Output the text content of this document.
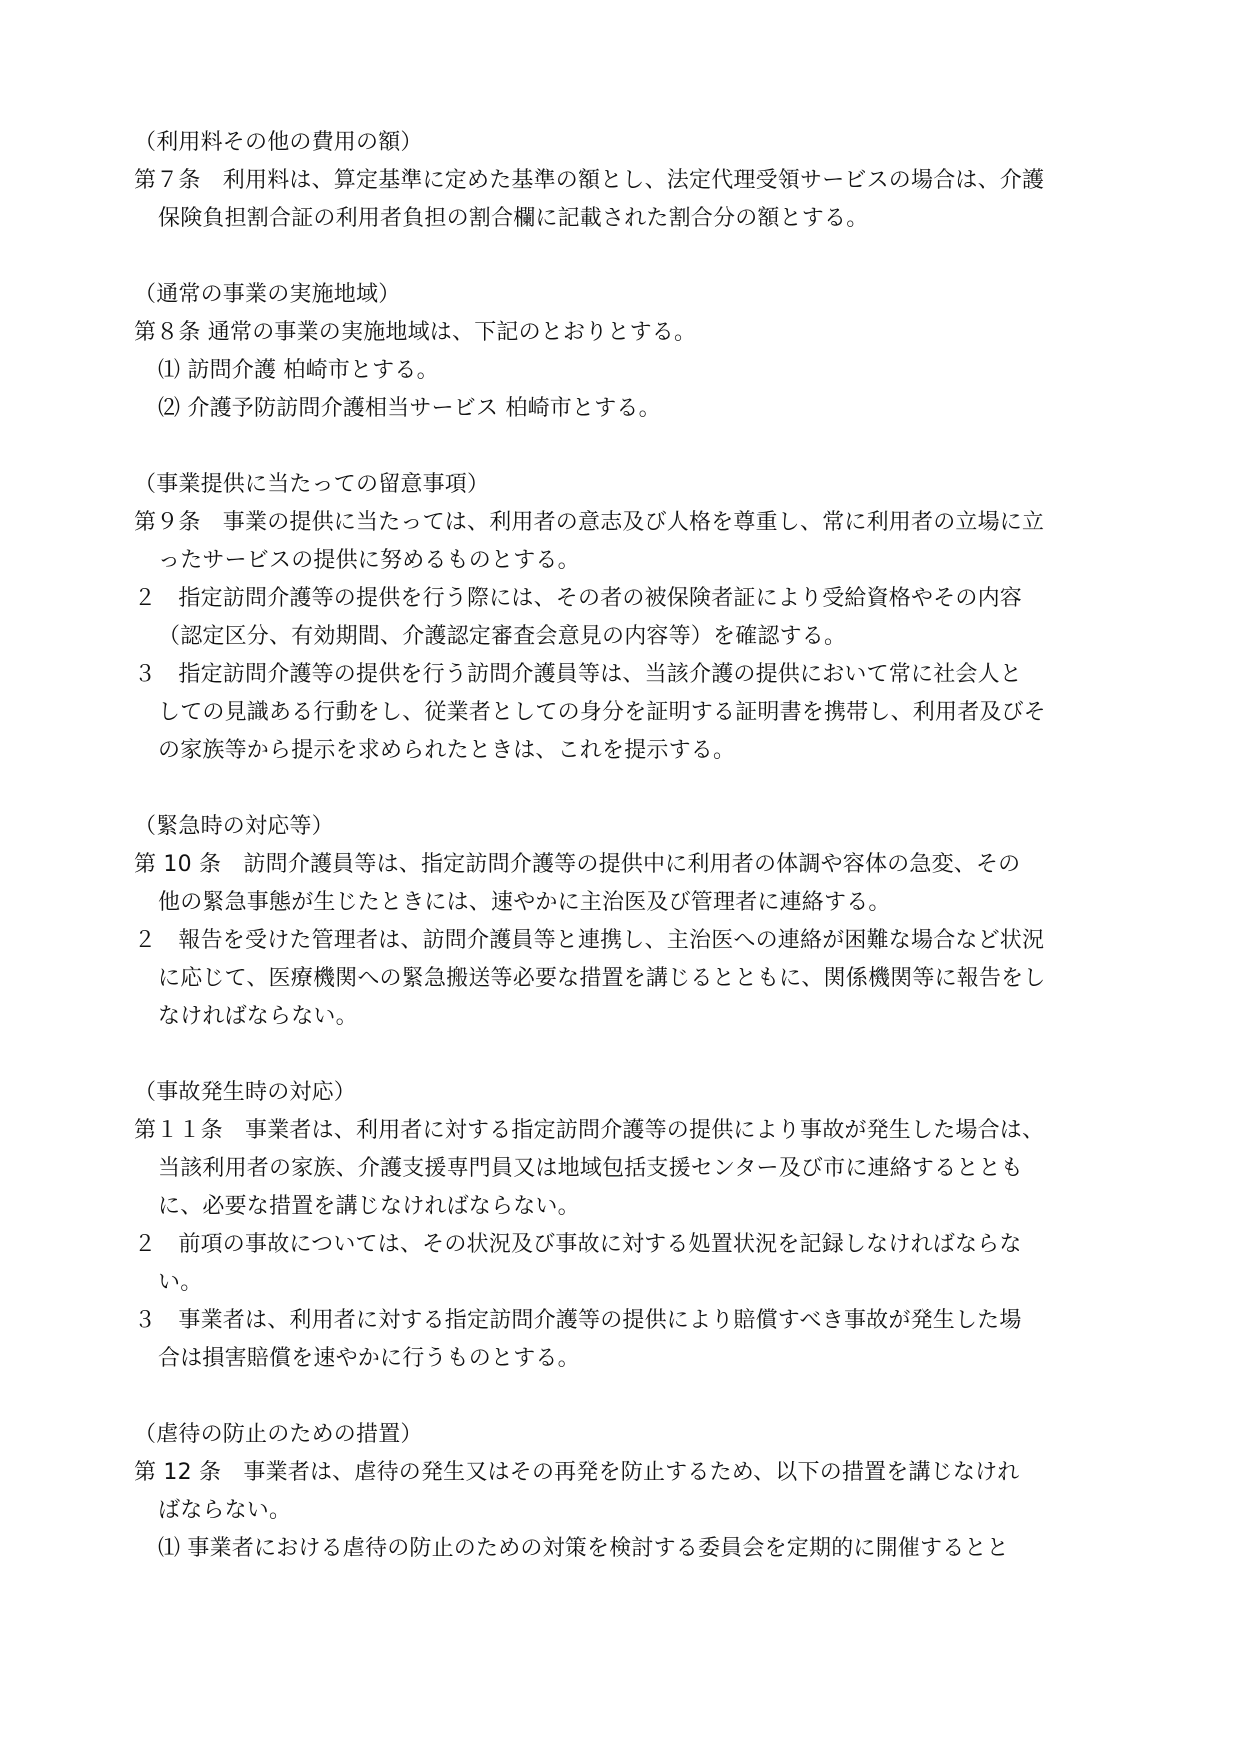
（利用料その他の費用の額）
第７条　利用料は、算定基準に定めた基準の額とし、法定代理受領サービスの場合は、介護
保険負担割合証の利用者負担の割合欄に記載された割合分の額とする。
（通常の事業の実施地域）
第８条 通常の事業の実施地域は、下記のとおりとする。
⑴ 訪問介護 柏崎市とする。
⑵ 介護予防訪問介護相当サービス 柏崎市とする。
（事業提供に当たっての留意事項）
第９条　事業の提供に当たっては、利用者の意志及び人格を尊重し、常に利用者の立場に立
ったサービスの提供に努めるものとする。
２　指定訪問介護等の提供を行う際には、その者の被保険者証により受給資格やその内容
（認定区分、有効期間、介護認定審査会意見の内容等）を確認する。
３　指定訪問介護等の提供を行う訪問介護員等は、当該介護の提供において常に社会人と
しての見識ある行動をし、従業者としての身分を証明する証明書を携帯し、利用者及びそ
の家族等から提示を求められたときは、これを提示する。
（緊急時の対応等）
第 10 条　訪問介護員等は、指定訪問介護等の提供中に利用者の体調や容体の急変、その
他の緊急事態が生じたときには、速やかに主治医及び管理者に連絡する。
２　報告を受けた管理者は、訪問介護員等と連携し、主治医への連絡が困難な場合など状況
に応じて、医療機関への緊急搬送等必要な措置を講じるとともに、関係機関等に報告をし
なければならない。
（事故発生時の対応）
第１１条　事業者は、利用者に対する指定訪問介護等の提供により事故が発生した場合は、
当該利用者の家族、介護支援専門員又は地域包括支援センター及び市に連絡するととも
に、必要な措置を講じなければならない。
２　前項の事故については、その状況及び事故に対する処置状況を記録しなければならな
い。
３　事業者は、利用者に対する指定訪問介護等の提供により賠償すべき事故が発生した場
合は損害賠償を速やかに行うものとする。
（虐待の防止のための措置）
第 12 条　事業者は、虐待の発生又はその再発を防止するため、以下の措置を講じなけれ
ばならない。
⑴ 事業者における虐待の防止のための対策を検討する委員会を定期的に開催するとと
